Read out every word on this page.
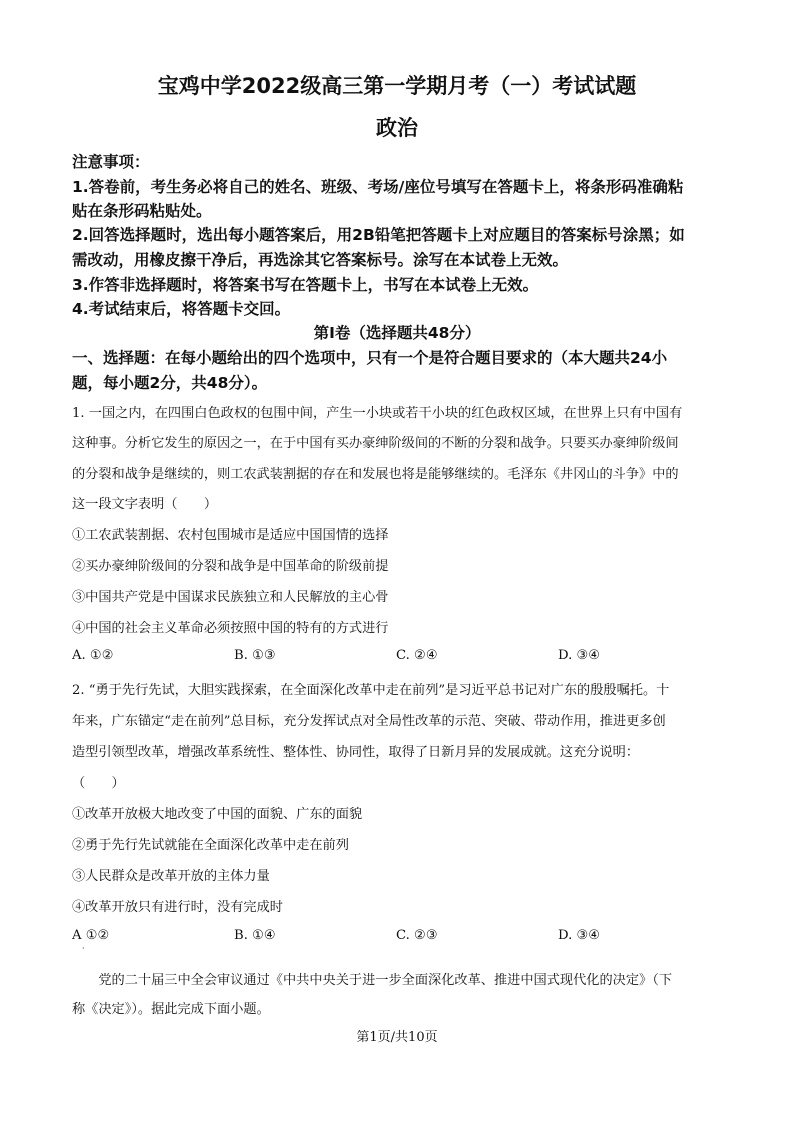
宝鸡中学2022级高三第一学期月考（一）考试试题
政治
注意事项：
1.答卷前，考生务必将自己的姓名、班级、考场/座位号填写在答题卡上，将条形码准确粘
贴在条形码粘贴处。
2.回答选择题时，选出每小题答案后，用2B铅笔把答题卡上对应题目的答案标号涂黑；如
需改动，用橡皮擦干净后，再选涂其它答案标号。涂写在本试卷上无效。
3.作答非选择题时，将答案书写在答题卡上，书写在本试卷上无效。
4.考试结束后，将答题卡交回。
第Ⅰ卷（选择题共48分）
一、选择题：在每小题给出的四个选项中，只有一个是符合题目要求的（本大题共24小
题，每小题2分，共48分）。
1. 一国之内，在四围白色政权的包围中间，产生一小块或若干小块的红色政权区域，在世界上只有中国有
这种事。分析它发生的原因之一，在于中国有买办豪绅阶级间的不断的分裂和战争。只要买办豪绅阶级间
的分裂和战争是继续的，则工农武装割据的存在和发展也将是能够继续的。毛泽东《井冈山的斗争》中的
这一段文字表明（　　）
①工农武装割据、农村包围城市是适应中国国情的选择
②买办豪绅阶级间的分裂和战争是中国革命的阶级前提
③中国共产党是中国谋求民族独立和人民解放的主心骨
④中国的社会主义革命必须按照中国的特有的方式进行
A. ①②	B. ①③	C. ②④	D. ③④
2. “勇于先行先试，大胆实践探索，在全面深化改革中走在前列”是习近平总书记对广东的殷殷嘱托。十
年来，广东锚定“走在前列”总目标，充分发挥试点对全局性改革的示范、突破、带动作用，推进更多创
造型引领型改革，增强改革系统性、整体性、协同性，取得了日新月异的发展成就。这充分说明：
（　　）
①改革开放极大地改变了中国的面貌、广东的面貌
②勇于先行先试就能在全面深化改革中走在前列
③人民群众是改革开放的主体力量
④改革开放只有进行时，没有完成时
A ①②	B. ①④	C. ②③	D. ③④
·
　　党的二十届三中全会审议通过《中共中央关于进一步全面深化改革、推进中国式现代化的决定》（下
称《决定》）。据此完成下面小题。
第1页/共10页
